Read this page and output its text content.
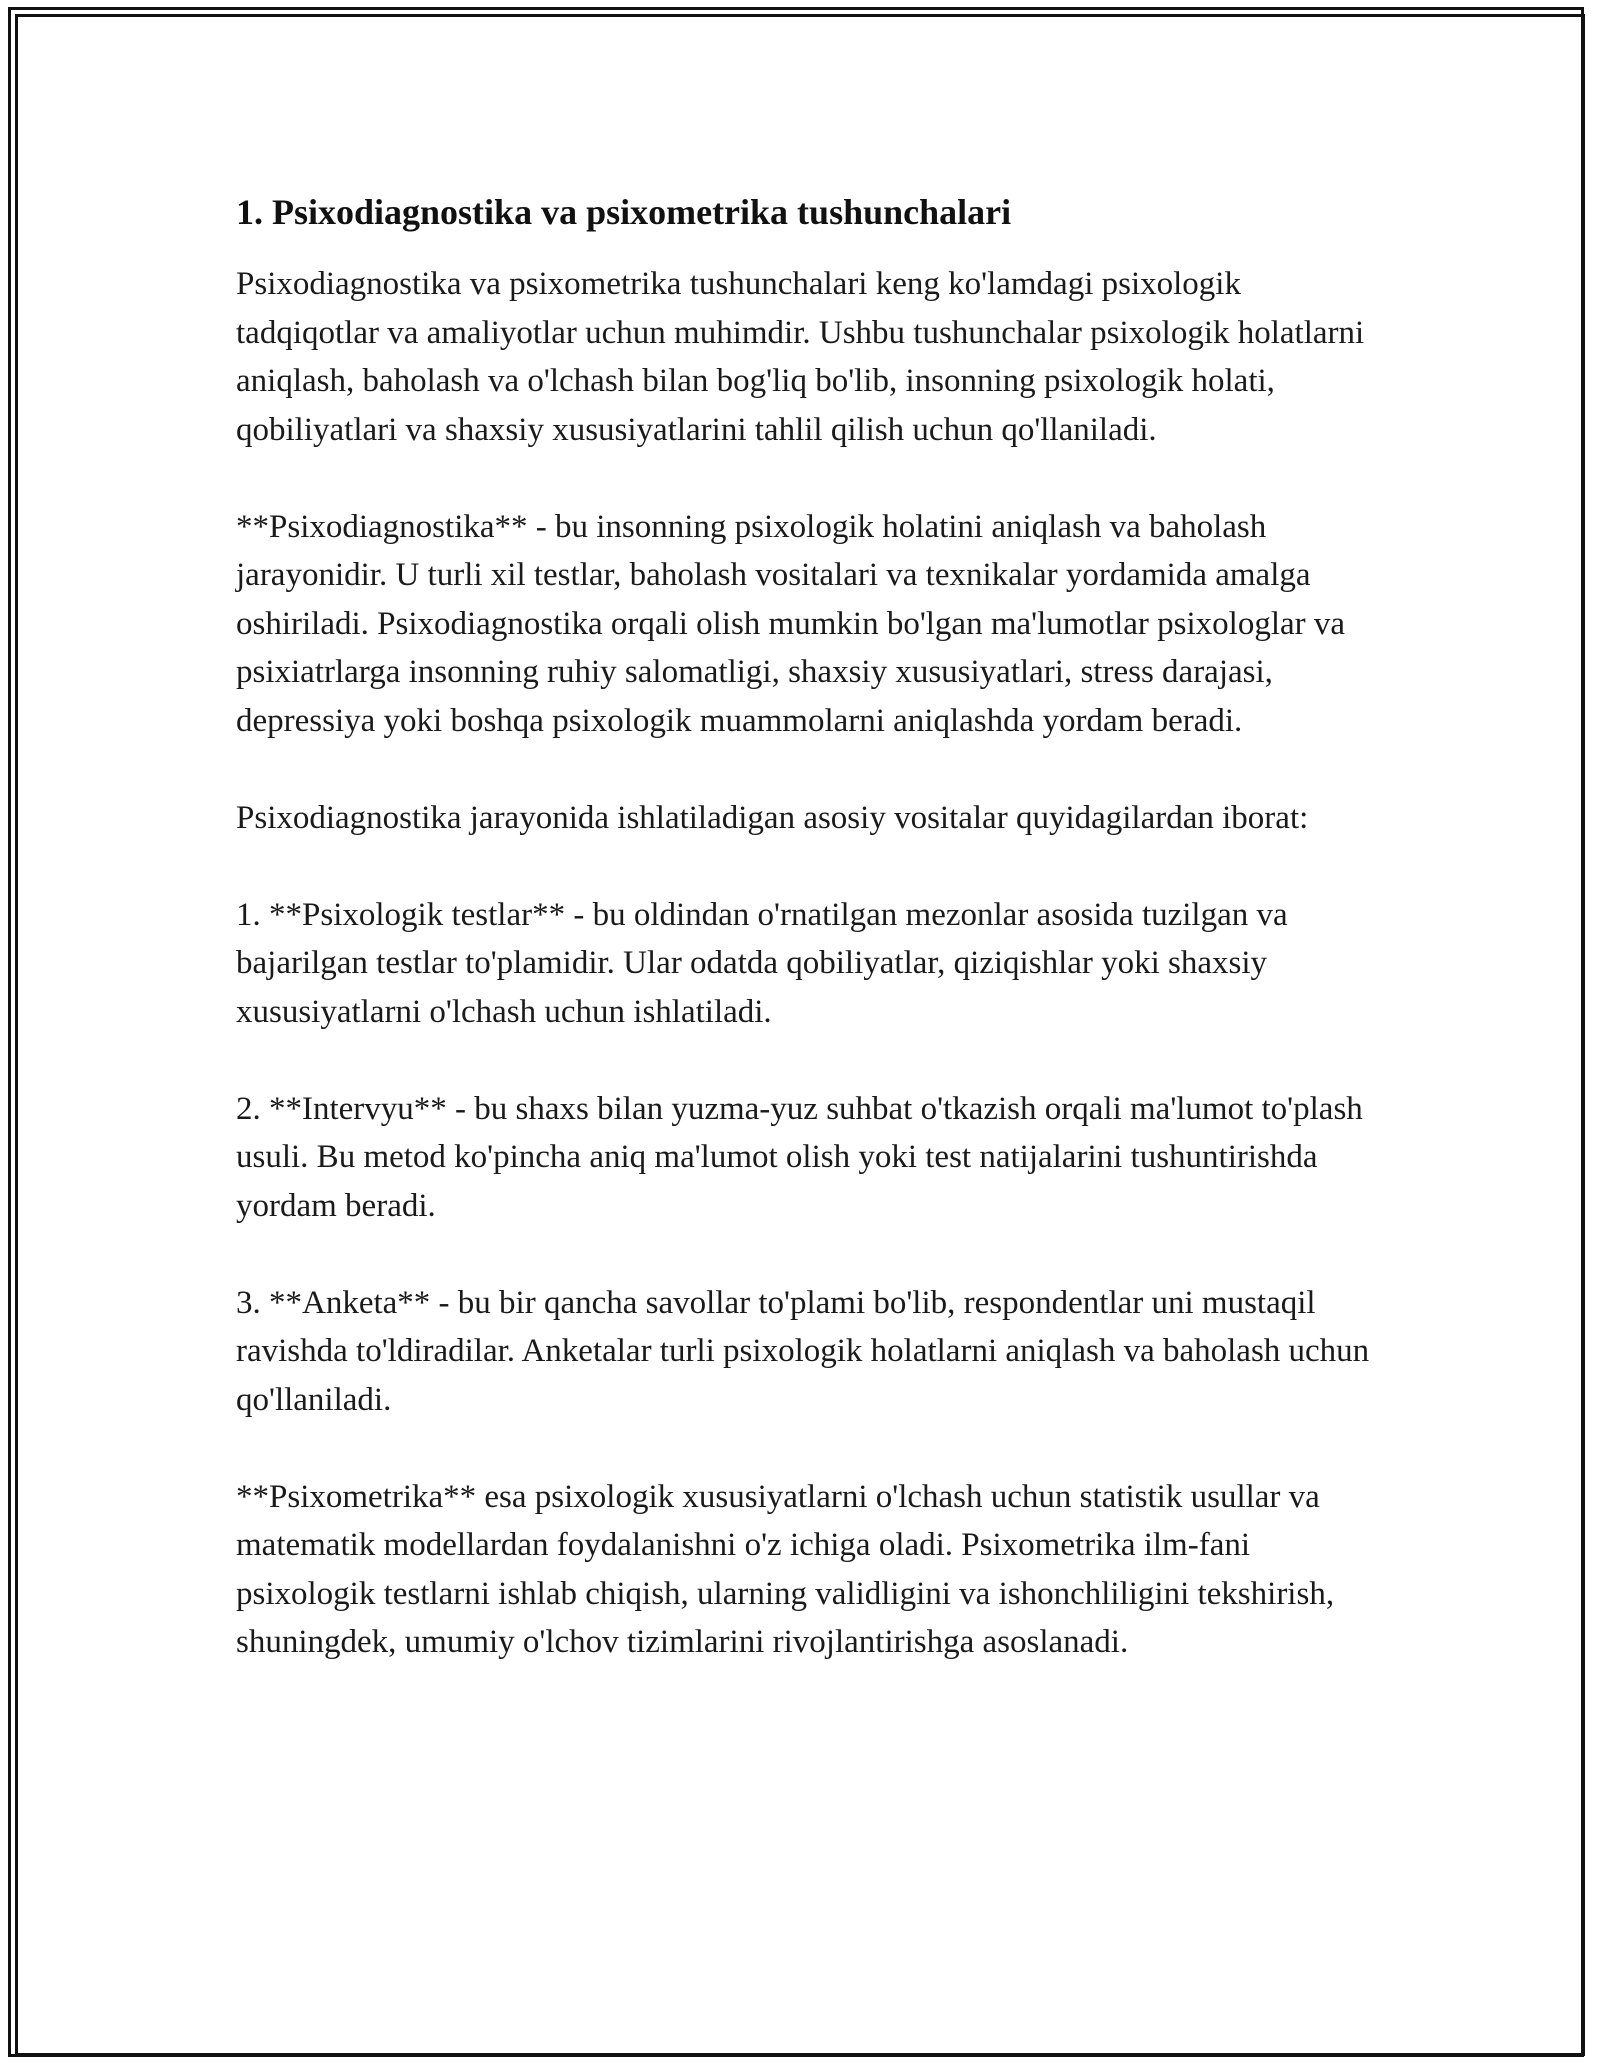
1. Psixodiagnostika va psixometrika tushunchalari

Psixodiagnostika va psixometrika tushunchalari keng ko'lamdagi psixologik tadqiqotlar va amaliyotlar uchun muhimdir. Ushbu tushunchalar psixologik holatlarni aniqlash, baholash va o'lchash bilan bog'liq bo'lib, insonning psixologik holati, qobiliyatlari va shaxsiy xususiyatlarini tahlil qilish uchun qo'llaniladi.

**Psixodiagnostika** - bu insonning psixologik holatini aniqlash va baholash jarayonidir. U turli xil testlar, baholash vositalari va texnikalar yordamida amalga oshiriladi. Psixodiagnostika orqali olish mumkin bo'lgan ma'lumotlar psixologlar va psixiatrlarga insonning ruhiy salomatligi, shaxsiy xususiyatlari, stress darajasi, depressiya yoki boshqa psixologik muammolarni aniqlashda yordam beradi.

Psixodiagnostika jarayonida ishlatiladigan asosiy vositalar quyidagilardan iborat:

1. **Psixologik testlar** - bu oldindan o'rnatilgan mezonlar asosida tuzilgan va bajarilgan testlar to'plamidir. Ular odatda qobiliyatlar, qiziqishlar yoki shaxsiy xususiyatlarni o'lchash uchun ishlatiladi.

2. **Intervyu** - bu shaxs bilan yuzma-yuz suhbat o'tkazish orqali ma'lumot to'plash usuli. Bu metod ko'pincha aniq ma'lumot olish yoki test natijalarini tushuntirishda yordam beradi.

3. **Anketa** - bu bir qancha savollar to'plami bo'lib, respondentlar uni mustaqil ravishda to'ldiradilar. Anketalar turli psixologik holatlarni aniqlash va baholash uchun qo'llaniladi.

**Psixometrika** esa psixologik xususiyatlarni o'lchash uchun statistik usullar va matematik modellardan foydalanishni o'z ichiga oladi. Psixometrika ilm-fani psixologik testlarni ishlab chiqish, ularning validligini va ishonchliligini tekshirish, shuningdek, umumiy o'lchov tizimlarini rivojlantirishga asoslanadi.
